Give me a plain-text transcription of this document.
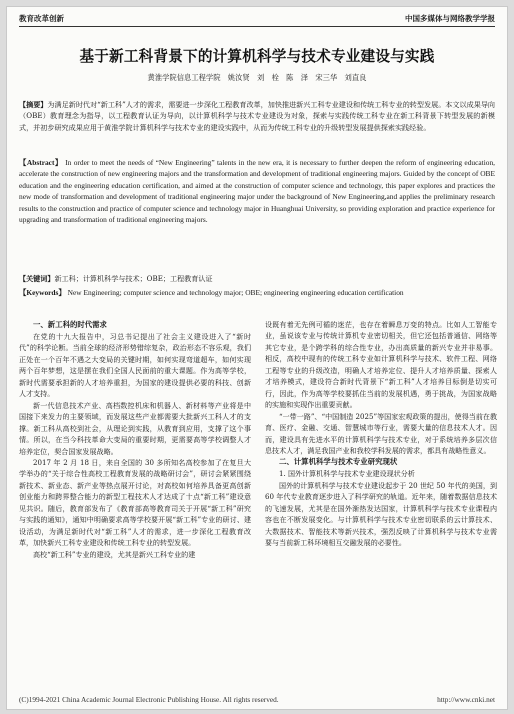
教育改革创新	中国多媒体与网络教学学报
基于新工科背景下的计算机科学与技术专业建设与实践
黄淮学院信息工程学院　姚汝贤　刘　栓　陈　泽　宋三华　刘直良
【摘要】为满足新时代对“新工科”人才的需求，需要进一步深化工程教育改革，加快推进新兴工科专业建设和传统工科专业的转型发展。本文以成果导向（OBE）教育理念为指导，以工程教育认证为导向，以计算机科学与技术专业建设为对象，探索与实践传统工科专业在新工科背景下转型发展的新模式，并初步研究成果应用于黄淮学院计算机科学与技术专业的建设实践中，从而为传统工科专业的升级转型发展提供探索实践经验。
【Abstract】 In order to meet the needs of “New Engineering” talents in the new era, it is necessary to further deepen the reform of engineering education, accelerate the construction of new engineering majors and the transformation and development of traditional engineering majors. Guided by the concept of OBE education and the engineering education certification, and aimed at the construction of computer science and technology, this paper explores and practices the new mode of transformation and development of traditional engineering major under the background of New Engineering,and applies the preliminary research results to the construction and practice of computer science and technology major in Huanghuai University, so providing exploration and practice experience for upgrading and transformation of traditional engineering majors.
【关键词】新工科；计算机科学与技术；OBE；工程教育认证
【Keywords】 New Engineering; computer science and technology major; OBE; engineering engineering education certification
一、新工科的时代需求

在党的十九大报告中，习总书记提出了社会主义建设进入了“新时代”的科学论断。当前全球的经济形势错综复杂，政治形态不容乐观，我们正处在一个百年不遇之大变局的关键时期，如何实现弯道超车，如何实现两个百年梦想，这是摆在我们全国人民面前的重大课题。作为高等学校，新时代需要承担新的人才培养重担，为国家的建设提供必要的科技、创新人才支持。

新一代信息技术产业、高档数控机床和机器人、新材料等产业将是中国接下来发力的主要领域，而发展这些产业都需要大批新兴工科人才的支撑。新工科从高校到社会，从理论到实践，从教育到应用，支撑了这个事情。所以，在当今科技革命大变局的重要时期，更需要高等学校调整人才培养定位，契合国家发展战略。

2017 年 2 月 18 日，来自全国的 30 多所知名高校参加了在复旦大学举办的“关于综合性高校工程教育发展的战略研讨会”，研讨会紧紧围绕新技术、新业态、新产业等热点展开讨论，对高校如何培养具备更高创新创业能力和跨界整合能力的新型工程技术人才达成了十点“新工科”建设意见共识。随后，教育部发布了《教育部高等教育司关于开展“新工科”研究与实践的通知》，通知中明确要求高等学校要开展“新工科”专业的研讨、建设活动，为满足新时代对“新工科”人才的需求，进一步深化工程教育改革，加快新兴工科专业建设和传统工科专业的转型发展。

高校“新工科”专业的建设，尤其是新兴工科专业的建

设既有着无先例可循的迷茫，也存在着瞬息万变的特点。比如人工智能专业，虽说该专业与传统计算机专业密切相关，但它还包括普通信、网络等其它专业，是个跨学科的综合性专业，办出高质量的新兴专业并非易事。相反，高校中现有的传统工科专业如计算机科学与技术、软件工程、网络工程等专业的升级改造，明确人才培养定位、提升人才培养质量、探索人才培养模式，建设符合新时代背景下“新工科”人才培养目标倒是切实可行，因此，作为高等学校要抓住当前的发展机遇，勇于挑战，为国家战略的实施和实现作出重要贡献。

“一带一路”、“中国制造 2025”等国家宏观政策的提出，使得当前在教育、医疗、金融、交通、智慧城市等行业，需要大量的信息技术人才。因而，建设具有先进水平的计算机科学与技术专业，对于系统培养多层次信息技术人才，满足我国产业和我校学科发展的需求，都具有战略性意义。

二、计算机科学与技术专业研究现状
1. 国外计算机科学与技术专业建设现状分析

国外的计算机科学与技术专业建设起步于 20 世纪 50 年代的美国，到 60 年代专业教育逐步进入了科学研究的轨道。近年来，随着数据信息技术的飞速发展，尤其是在国外渐热发达国家，计算机科学与技术专业课程内容也在不断发展变化。与计算机科学与技术专业密切联系的云计算技术、大数据技术、智能技术等新兴技术，强烈反映了计算机科学与技术专业需要与当前新工科环境相互交融发展的必要性。

(C)1994-2021 China Academic Journal Electronic Publishing House. All rights reserved.	http://www.cnki.net
